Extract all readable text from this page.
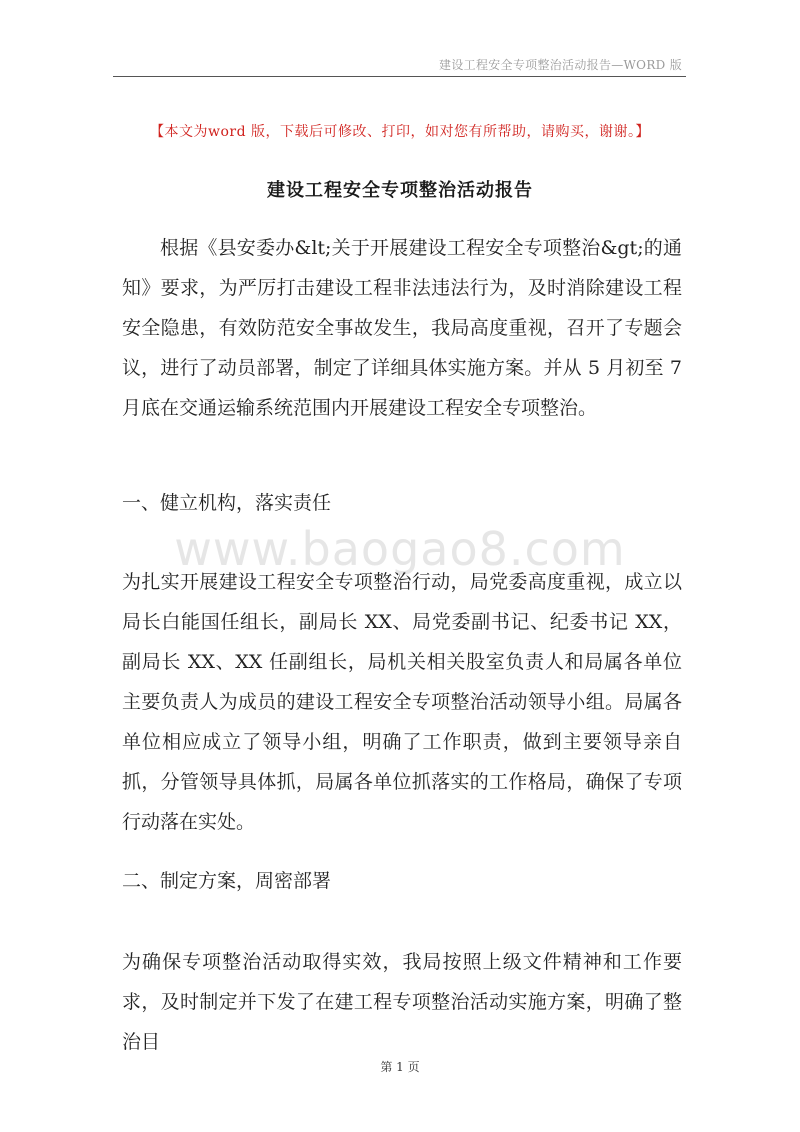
建设工程安全专项整治活动报告—WORD 版
【本文为word 版，下载后可修改、打印，如对您有所帮助，请购买，谢谢。】
建设工程安全专项整治活动报告
www.baogao8.com
根据《县安委办&lt;关于开展建设工程安全专项整治&gt;的通知》要求，为严厉打击建设工程非法违法行为，及时消除建设工程安全隐患，有效防范安全事故发生，我局高度重视，召开了专题会议，进行了动员部署，制定了详细具体实施方案。并从 5 月初至 7 月底在交通运输系统范围内开展建设工程安全专项整治。
一、健立机构，落实责任
为扎实开展建设工程安全专项整治行动，局党委高度重视，成立以局长白能国任组长，副局长 XX、局党委副书记、纪委书记 XX，副局长 XX、XX 任副组长，局机关相关股室负责人和局属各单位主要负责人为成员的建设工程安全专项整治活动领导小组。局属各单位相应成立了领导小组，明确了工作职责，做到主要领导亲自抓，分管领导具体抓，局属各单位抓落实的工作格局，确保了专项行动落在实处。
二、制定方案，周密部署
为确保专项整治活动取得实效，我局按照上级文件精神和工作要求，及时制定并下发了在建工程专项整治活动实施方案，明确了整治目
第 1 页
